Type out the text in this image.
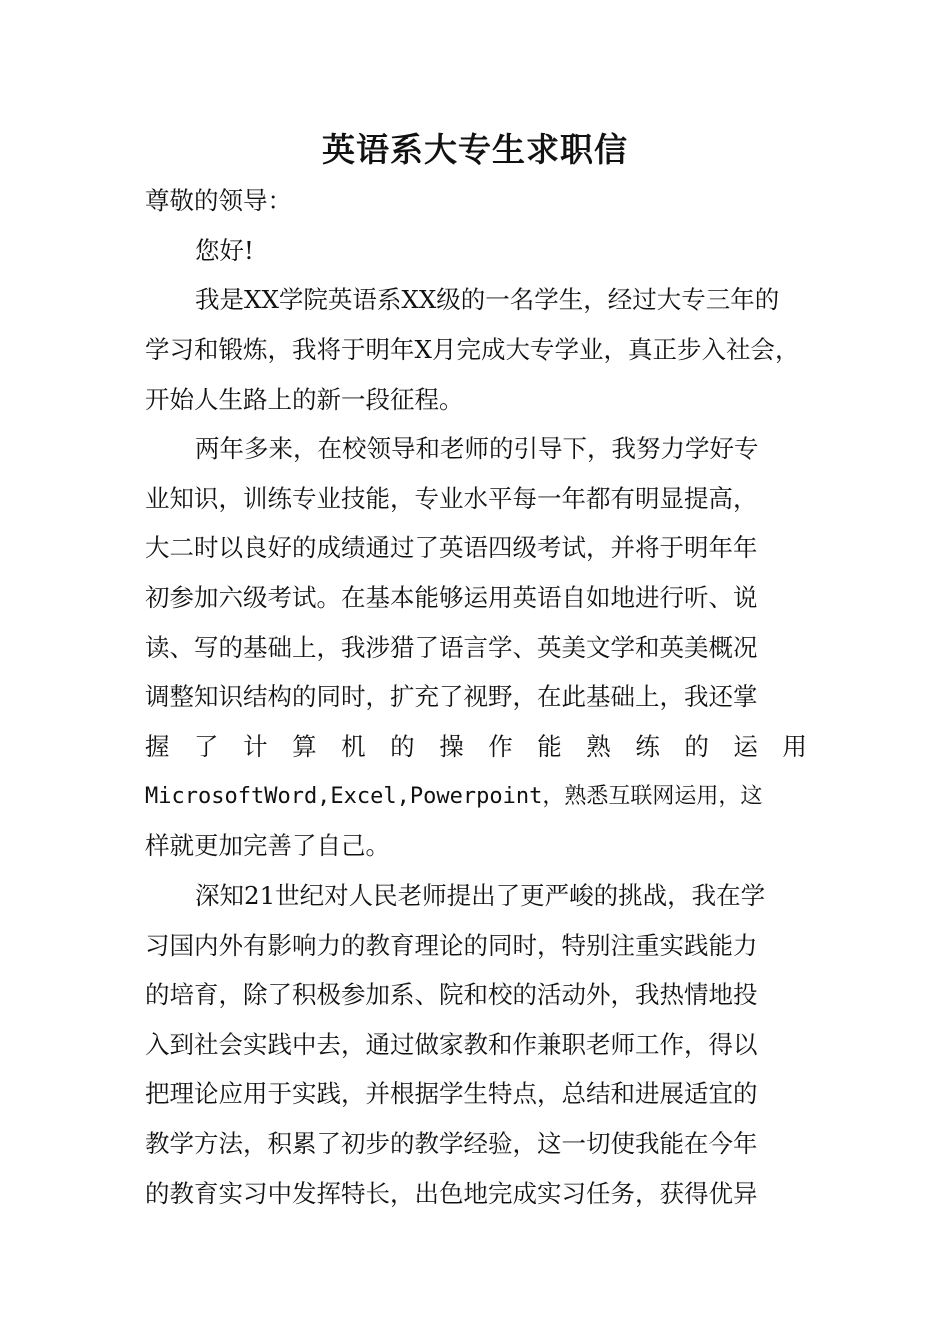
英语系大专生求职信

尊敬的领导：

您好!

我是XX学院英语系XX级的一名学生，经过大专三年的

学习和锻炼，我将于明年X月完成大专学业，真正步入社会，

开始人生路上的新一段征程。

两年多来，在校领导和老师的引导下，我努力学好专

业知识，训练专业技能，专业水平每一年都有明显提高，

大二时以良好的成绩通过了英语四级考试，并将于明年年

初参加六级考试。在基本能够运用英语自如地进行听、说

读、写的基础上，我涉猎了语言学、英美文学和英美概况

调整知识结构的同时，扩充了视野，在此基础上，我还掌

握 了 计 算 机 的 操 作 能 熟 练 的 运 用

MicrosoftWord,Excel,Powerpoint，熟悉互联网运用，这

样就更加完善了自己。

深知21世纪对人民老师提出了更严峻的挑战，我在学

习国内外有影响力的教育理论的同时，特别注重实践能力

的培育，除了积极参加系、院和校的活动外，我热情地投

入到社会实践中去，通过做家教和作兼职老师工作，得以

把理论应用于实践，并根据学生特点，总结和进展适宜的

教学方法，积累了初步的教学经验，这一切使我能在今年

的教育实习中发挥特长，出色地完成实习任务，获得优异
